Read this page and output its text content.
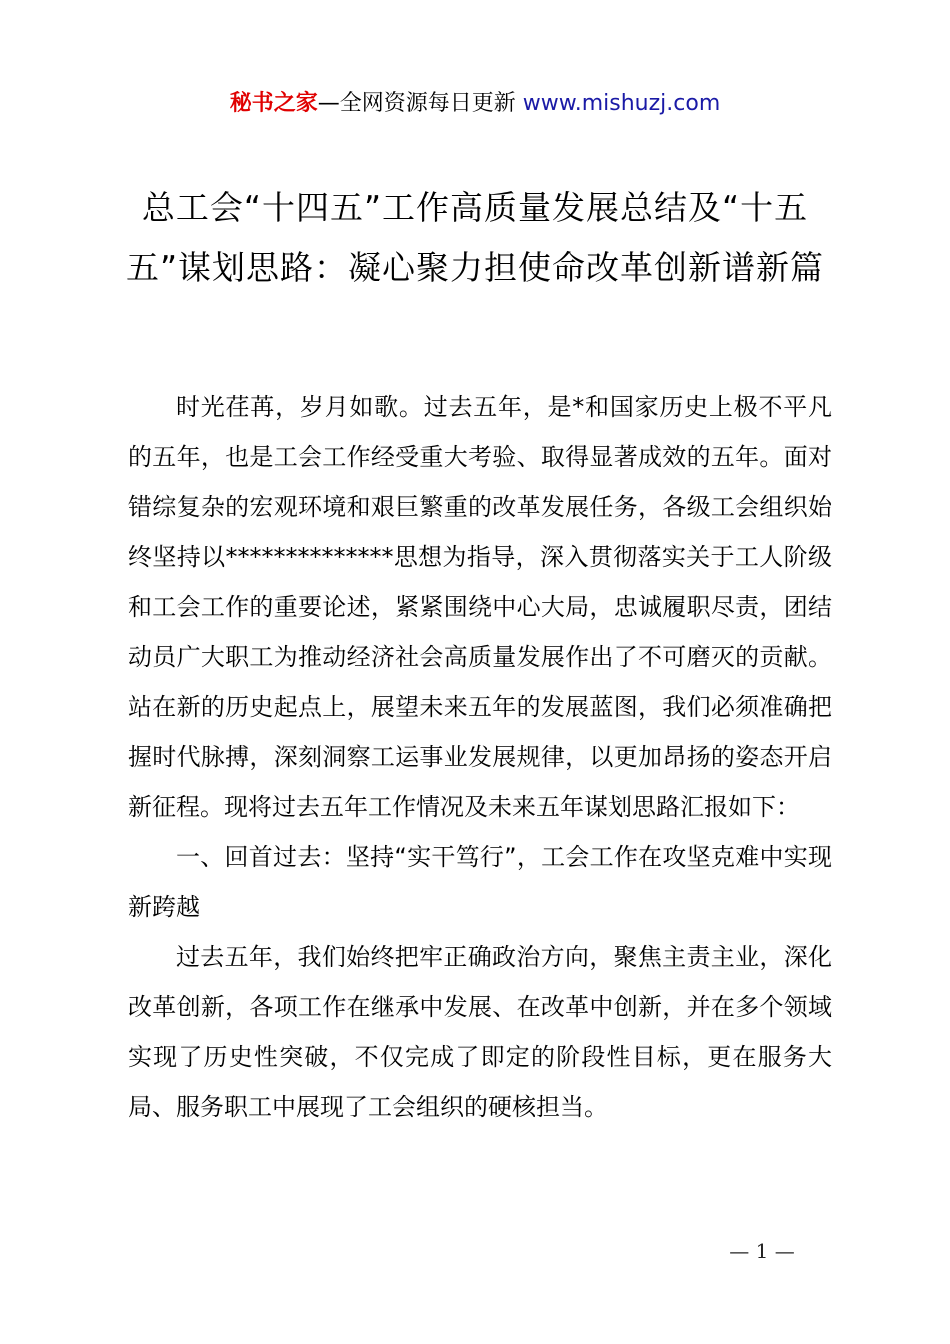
秘书之家—全网资源每日更新 www.mishuzj.com
总工会“十四五”工作高质量发展总结及“十五五”谋划思路：凝心聚力担使命改革创新谱新篇

时光荏苒，岁月如歌。过去五年，是*和国家历史上极不平凡的五年，也是工会工作经受重大考验、取得显著成效的五年。面对错综复杂的宏观环境和艰巨繁重的改革发展任务，各级工会组织始终坚持以**************思想为指导，深入贯彻落实关于工人阶级和工会工作的重要论述，紧紧围绕中心大局，忠诚履职尽责，团结动员广大职工为推动经济社会高质量发展作出了不可磨灭的贡献。站在新的历史起点上，展望未来五年的发展蓝图，我们必须准确把握时代脉搏，深刻洞察工运事业发展规律，以更加昂扬的姿态开启新征程。现将过去五年工作情况及未来五年谋划思路汇报如下：

一、回首过去：坚持“实干笃行”，工会工作在攻坚克难中实现新跨越

过去五年，我们始终把牢正确政治方向，聚焦主责主业，深化改革创新，各项工作在继承中发展、在改革中创新，并在多个领域实现了历史性突破，不仅完成了即定的阶段性目标，更在服务大局、服务职工中展现了工会组织的硬核担当。

— 1 —
